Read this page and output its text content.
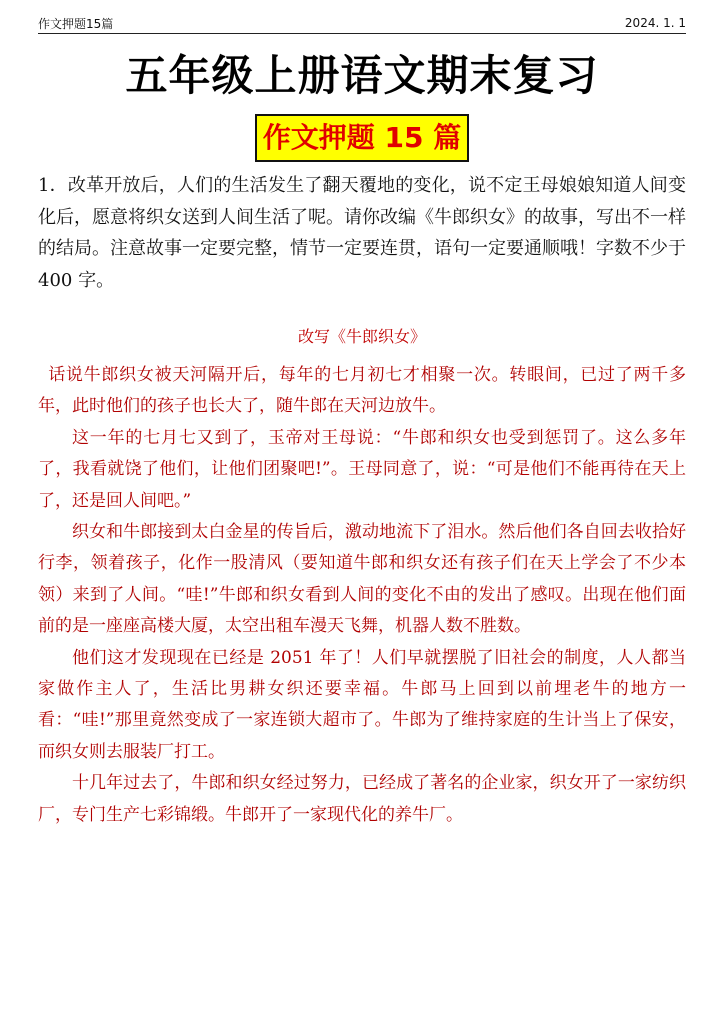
作文押题15篇	2024. 1. 1
五年级上册语文期末复习
作文押题 15 篇

1．改革开放后，人们的生活发生了翻天覆地的变化，说不定王母娘娘知道人间变化后，愿意将织女送到人间生活了呢。请你改编《牛郎织女》的故事，写出不一样的结局。注意故事一定要完整，情节一定要连贯，语句一定要通顺哦！字数不少于 400 字。

改写《牛郎织女》

话说牛郎织女被天河隔开后，每年的七月初七才相聚一次。转眼间，已过了两千多年，此时他们的孩子也长大了，随牛郎在天河边放牛。

这一年的七月七又到了，玉帝对王母说：“牛郎和织女也受到惩罚了。这么多年了，我看就饶了他们，让他们团聚吧!”。王母同意了，说：“可是他们不能再待在天上了，还是回人间吧。”

织女和牛郎接到太白金星的传旨后，激动地流下了泪水。然后他们各自回去收拾好行李，领着孩子，化作一股清风（要知道牛郎和织女还有孩子们在天上学会了不少本领）来到了人间。“哇!”牛郎和织女看到人间的变化不由的发出了感叹。出现在他们面前的是一座座高楼大厦，太空出租车漫天飞舞，机器人数不胜数。

他们这才发现现在已经是 2051 年了！人们早就摆脱了旧社会的制度，人人都当家做作主人了，生活比男耕女织还要幸福。牛郎马上回到以前埋老牛的地方一看：“哇!”那里竟然变成了一家连锁大超市了。牛郎为了维持家庭的生计当上了保安，而织女则去服装厂打工。

十几年过去了，牛郎和织女经过努力，已经成了著名的企业家，织女开了一家纺织厂，专门生产七彩锦缎。牛郎开了一家现代化的养牛厂。
